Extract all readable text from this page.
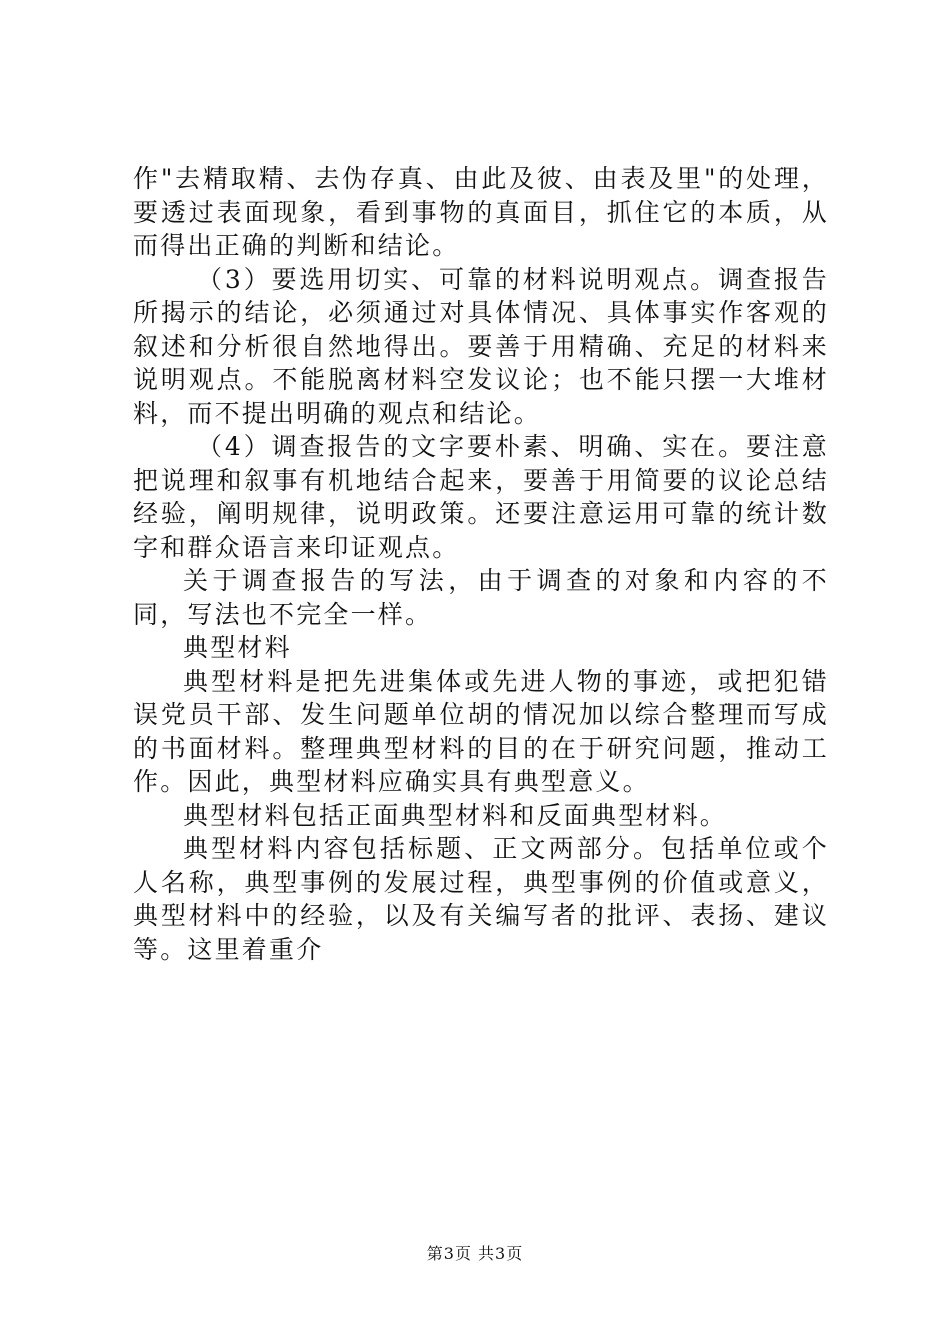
作"去精取精、去伪存真、由此及彼、由表及里"的处理，要透过表面现象，看到事物的真面目，抓住它的本质，从而得出正确的判断和结论。

（3）要选用切实、可靠的材料说明观点。调查报告所揭示的结论，必须通过对具体情况、具体事实作客观的叙述和分析很自然地得出。要善于用精确、充足的材料来说明观点。不能脱离材料空发议论；也不能只摆一大堆材料，而不提出明确的观点和结论。

（4）调查报告的文字要朴素、明确、实在。要注意把说理和叙事有机地结合起来，要善于用简要的议论总结经验，阐明规律，说明政策。还要注意运用可靠的统计数字和群众语言来印证观点。

关于调查报告的写法，由于调查的对象和内容的不同，写法也不完全一样。

典型材料

典型材料是把先进集体或先进人物的事迹，或把犯错误党员干部、发生问题单位胡的情况加以综合整理而写成的书面材料。整理典型材料的目的在于研究问题，推动工作。因此，典型材料应确实具有典型意义。

典型材料包括正面典型材料和反面典型材料。

典型材料内容包括标题、正文两部分。包括单位或个人名称，典型事例的发展过程，典型事例的价值或意义，典型材料中的经验，以及有关编写者的批评、表扬、建议等。这里着重介

第3页 共3页
